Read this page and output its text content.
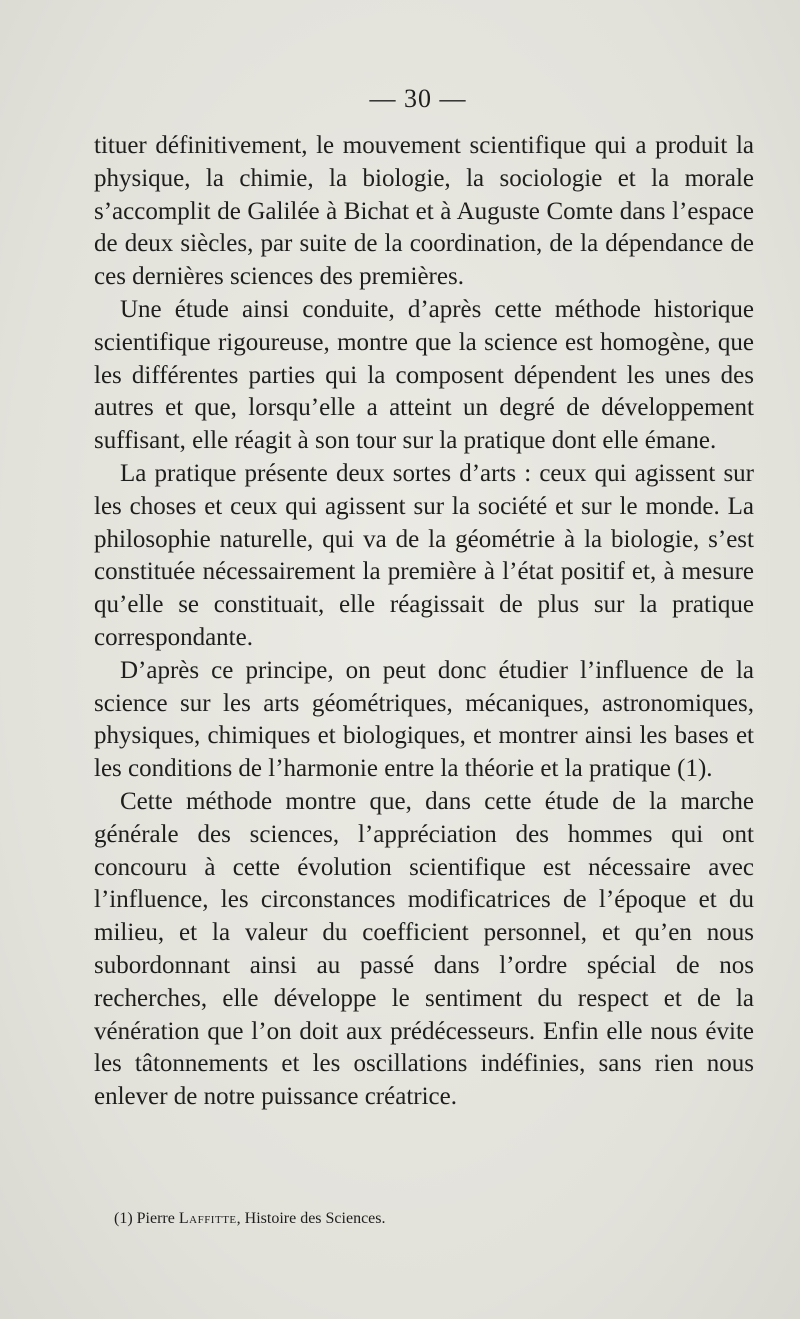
— 30 —

tituer définitivement, le mouvement scientifique qui a produit la physique, la chimie, la biologie, la sociologie et la morale s’accomplit de Galilée à Bichat et à Auguste Comte dans l’espace de deux siècles, par suite de la coordination, de la dépendance de ces dernières sciences des premières.

Une étude ainsi conduite, d’après cette méthode historique scientifique rigoureuse, montre que la science est homogène, que les différentes parties qui la composent dépendent les unes des autres et que, lorsqu’elle a atteint un degré de développement suffisant, elle réagit à son tour sur la pratique dont elle émane.

La pratique présente deux sortes d’arts : ceux qui agissent sur les choses et ceux qui agissent sur la société et sur le monde. La philosophie naturelle, qui va de la géométrie à la biologie, s’est constituée nécessairement la première à l’état positif et, à mesure qu’elle se constituait, elle réagissait de plus sur la pratique correspondante.

D’après ce principe, on peut donc étudier l’influence de la science sur les arts géométriques, mécaniques, astronomiques, physiques, chimiques et biologiques, et montrer ainsi les bases et les conditions de l’harmonie entre la théorie et la pratique (1).

Cette méthode montre que, dans cette étude de la marche générale des sciences, l’appréciation des hommes qui ont concouru à cette évolution scientifique est nécessaire avec l’influence, les circonstances modificatrices de l’époque et du milieu, et la valeur du coefficient personnel, et qu’en nous subordonnant ainsi au passé dans l’ordre spécial de nos recherches, elle développe le sentiment du respect et de la vénération que l’on doit aux prédécesseurs. Enfin elle nous évite les tâtonnements et les oscillations indéfinies, sans rien nous enlever de notre puissance créatrice.

(1) Pierre Laffitte, Histoire des Sciences.
